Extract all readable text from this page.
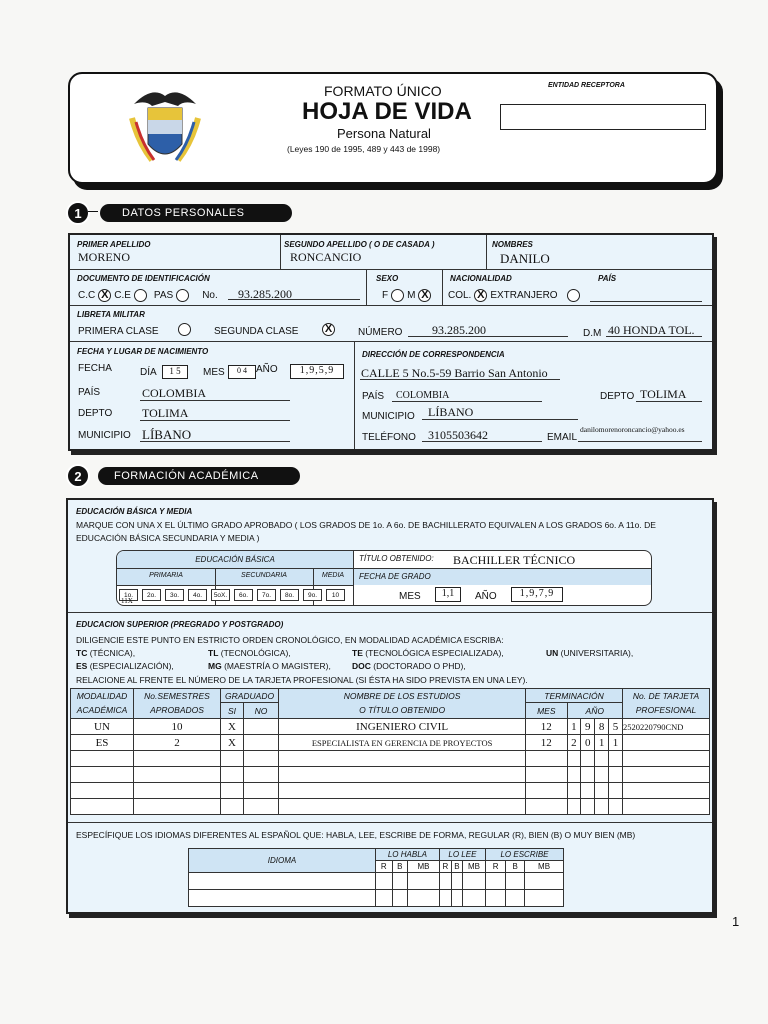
FORMATO ÚNICO
HOJA DE VIDA
Persona Natural
(Leyes 190 de 1995, 489 y 443 de 1998)
ENTIDAD RECEPTORA
1	DATOS PERSONALES
PRIMER APELLIDO
MORENO
SEGUNDO APELLIDO ( O DE CASADA )
RONCANCIO
NOMBRES
DANILO
DOCUMENTO DE IDENTIFICACIÓN
C.C X C.E PAS	No. 93.285.200
SEXO
F M X
NACIONALIDAD
COL. X EXTRANJERO
PAÍS
LIBRETA MILITAR
PRIMERA CLASE	SEGUNDA CLASE X	NÚMERO 93.285.200	D.M 40 HONDA TOL.
FECHA Y LUGAR DE NACIMIENTO
FECHA	DÍA	1 5	MES	0 4 AÑO	1,9,5,9
PAÍS	COLOMBIA
DEPTO TOLIMA
MUNICIPIO LÍBANO
DIRECCIÓN DE CORRESPONDENCIA
CALLE 5 No.5-59 Barrio San Antonio
PAÍS COLOMBIA	DEPTO TOLIMA
MUNICIPIO LÍBANO
TELÉFONO 3105503642	EMAIL
danilomorenoroncancio@yahoo.es
2	FORMACIÓN ACADÉMICA
EDUCACIÓN BÁSICA Y MEDIA
MARQUE CON UNA X EL ÚLTIMO GRADO APROBADO ( LOS GRADOS DE 1o. A 6o. DE BACHILLERATO EQUIVALEN A LOS GRADOS 6o. A 11o. DE EDUCACIÓN BÁSICA SECUNDARIA Y MEDIA )
EDUCACIÓN BÁSICA
PRIMARIA	SECUNDARIA	MEDIA
1o.	2o.	3o.	4o.	5oX.	6o.	7o.	8o.	9o.	10
11X
TÍTULO OBTENIDO: BACHILLER TÉCNICO
FECHA DE GRADO
MES	1,1	AÑO	1,9,7,9
EDUCACION SUPERIOR (PREGRADO Y POSTGRADO)
DILIGENCIE ESTE PUNTO EN ESTRICTO ORDEN CRONOLÓGICO, EN MODALIDAD ACADÉMICA ESCRIBA:
TC (TÉCNICA),	TL (TECNOLÓGICA),	TE (TECNOLÓGICA ESPECIALIZADA),	UN (UNIVERSITARIA),
ES (ESPECIALIZACIÓN),	MG (MAESTRÍA O MAGISTER), DOC (DOCTORADO O PHD),
RELACIONE AL FRENTE EL NÚMERO DE LA TARJETA PROFESIONAL (SI ÉSTA HA SIDO PREVISTA EN UNA LEY).
MODALIDAD	No.SEMESTRES	GRADUADO		NOMBRE DE LOS ESTUDIOS	TERMINACIÓN					No. DE TARJETA
ACADÉMICA	APROBADOS	SI	NO	O TÍTULO OBTENIDO	MES	AÑO				PROFESIONAL
UN	10	X		INGENIERO CIVIL	12	1	9	8	5	2520220790CND
ES	2	X		ESPECIALISTA EN GERENCIA DE PROYECTOS	12	2	0	1	1	

ESPECÍFIQUE LOS IDIOMAS DIFERENTES AL ESPAÑOL QUE: HABLA, LEE, ESCRIBE DE FORMA, REGULAR (R), BIEN (B) O MUY BIEN (MB)
IDIOMA	LO HABLA			LO LEE			LO ESCRIBE		
	R	B	MB	R	B	MB	R	B	MB

1
